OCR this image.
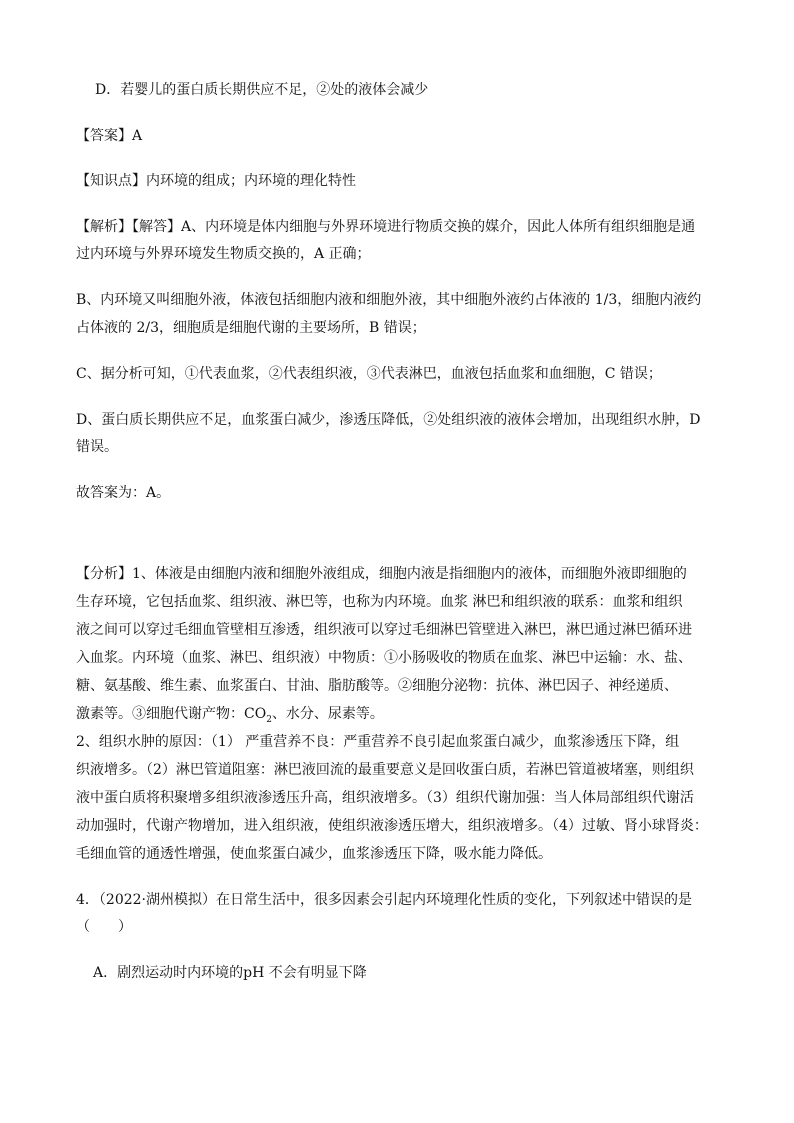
D．若婴儿的蛋白质长期供应不足，②处的液体会减少
【答案】A
【知识点】内环境的组成；内环境的理化特性
【解析】【解答】A、内环境是体内细胞与外界环境进行物质交换的媒介，因此人体所有组织细胞是通
过内环境与外界环境发生物质交换的，A 正确；
B、内环境又叫细胞外液，体液包括细胞内液和细胞外液，其中细胞外液约占体液的 1/3，细胞内液约
占体液的 2/3，细胞质是细胞代谢的主要场所，B 错误；
C、据分析可知，①代表血浆，②代表组织液，③代表淋巴，血液包括血浆和血细胞，C 错误；
D、蛋白质长期供应不足，血浆蛋白减少，渗透压降低，②处组织液的液体会增加，出现组织水肿，D
错误。
故答案为：A。
【分析】1、体液是由细胞内液和细胞外液组成，细胞内液是指细胞内的液体，而细胞外液即细胞的
生存环境，它包括血浆、组织液、淋巴等，也称为内环境。血浆 淋巴和组织液的联系：血浆和组织
液之间可以穿过毛细血管壁相互渗透，组织液可以穿过毛细淋巴管壁进入淋巴，淋巴通过淋巴循环进
入血浆。内环境（血浆、淋巴、组织液）中物质：①小肠吸收的物质在血浆、淋巴中运输：水、盐、
糖、氨基酸、维生素、血浆蛋白、甘油、脂肪酸等。②细胞分泌物：抗体、淋巴因子、神经递质、
激素等。③细胞代谢产物：$CO_2$、水分、尿素等。
2、组织水肿的原因：（1） 严重营养不良：严重营养不良引起血浆蛋白减少，血浆渗透压下降，组
织液增多。（2）淋巴管道阻塞：淋巴液回流的最重要意义是回收蛋白质，若淋巴管道被堵塞，则组织
液中蛋白质将积聚增多组织液渗透压升高，组织液增多。（3）组织代谢加强：当人体局部组织代谢活
动加强时，代谢产物增加，进入组织液，使组织液渗透压增大，组织液增多。（4）过敏、肾小球肾炎：
毛细血管的通透性增强，使血浆蛋白减少，血浆渗透压下降，吸水能力降低。
4．（2022·湖州模拟）在日常生活中，很多因素会引起内环境理化性质的变化，下列叙述中错误的是
（　　）
A．剧烈运动时内环境的pH 不会有明显下降
